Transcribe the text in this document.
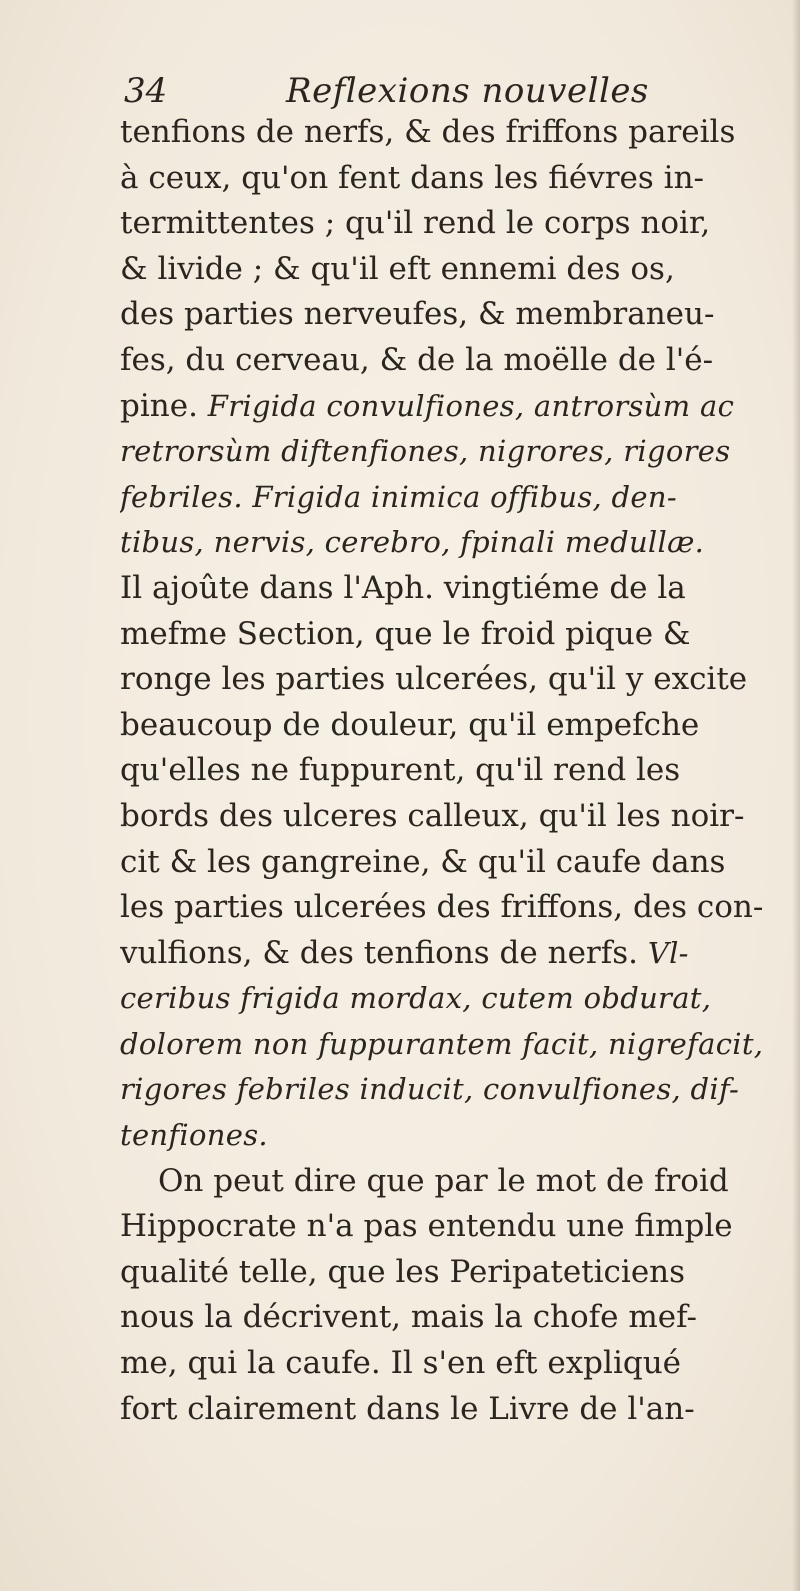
34	Reflexions nouvelles
tenfions de nerfs, & des friffons pareils
à ceux, qu'on fent dans les fiévres in-
termittentes ; qu'il rend le corps noir,
& livide ; & qu'il eft ennemi des os,
des parties nerveufes, & membraneu-
fes, du cerveau, & de la moëlle de l'é-
pine. Frigida convulfiones, antrorsùm ac
retrorsùm diftenfiones, nigrores, rigores
febriles. Frigida inimica offibus, den-
tibus, nervis, cerebro, fpinali medullæ.
Il ajoûte dans l'Aph. vingtiéme de la
mefme Section, que le froid pique &
ronge les parties ulcerées, qu'il y excite
beaucoup de douleur, qu'il empefche
qu'elles ne fuppurent, qu'il rend les
bords des ulceres calleux, qu'il les noir-
cit & les gangreine, & qu'il caufe dans
les parties ulcerées des friffons, des con-
vulfions, & des tenfions de nerfs. Vl-
ceribus frigida mordax, cutem obdurat,
dolorem non fuppurantem facit, nigrefacit,
rigores febriles inducit, convulfiones, dif-
tenfiones.
On peut dire que par le mot de froid
Hippocrate n'a pas entendu une fimple
qualité telle, que les Peripateticiens
nous la décrivent, mais la chofe mef-
me, qui la caufe. Il s'en eft expliqué
fort clairement dans le Livre de l'an-
